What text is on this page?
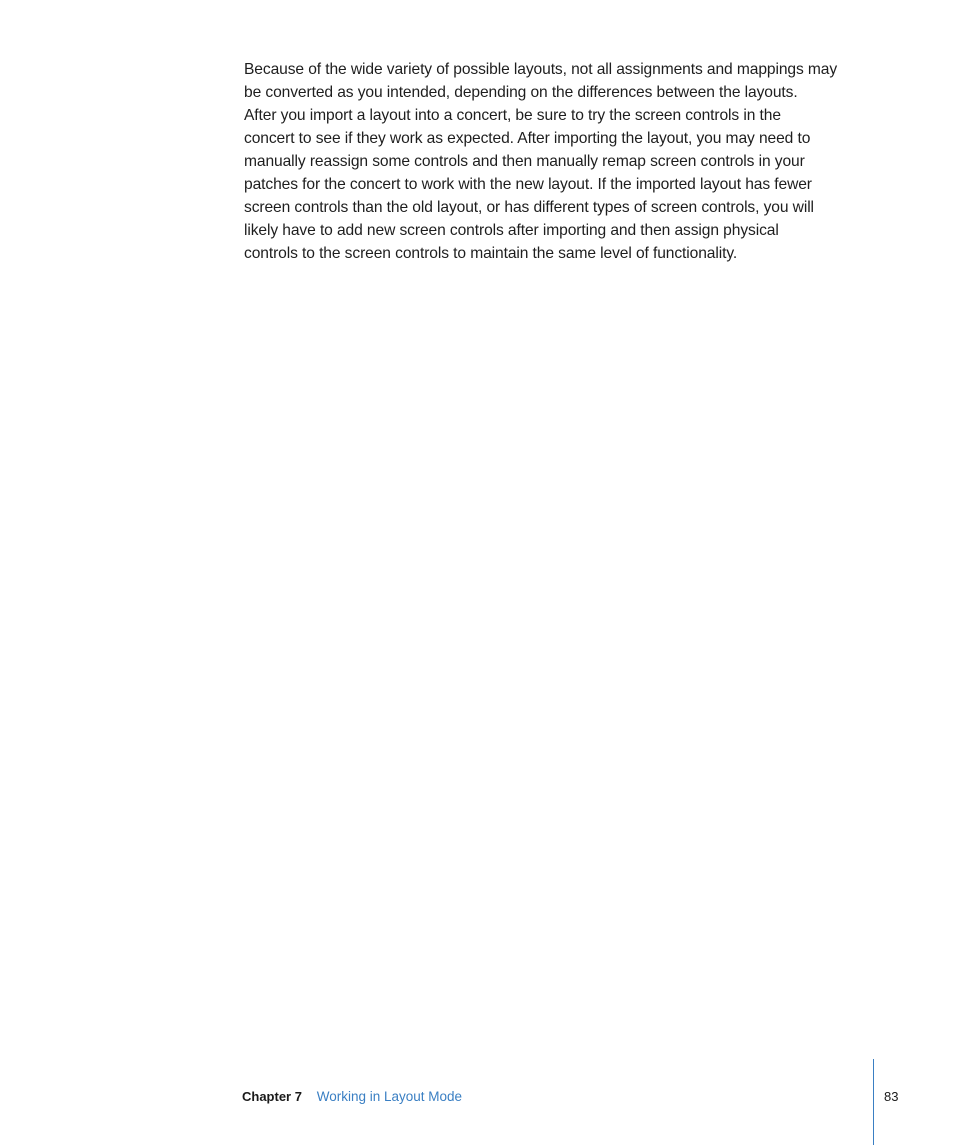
Because of the wide variety of possible layouts, not all assignments and mappings may
be converted as you intended, depending on the differences between the layouts.
After you import a layout into a concert, be sure to try the screen controls in the
concert to see if they work as expected. After importing the layout, you may need to
manually reassign some controls and then manually remap screen controls in your
patches for the concert to work with the new layout. If the imported layout has fewer
screen controls than the old layout, or has different types of screen controls, you will
likely have to add new screen controls after importing and then assign physical
controls to the screen controls to maintain the same level of functionality.

Chapter 7 Working in Layout Mode	83
